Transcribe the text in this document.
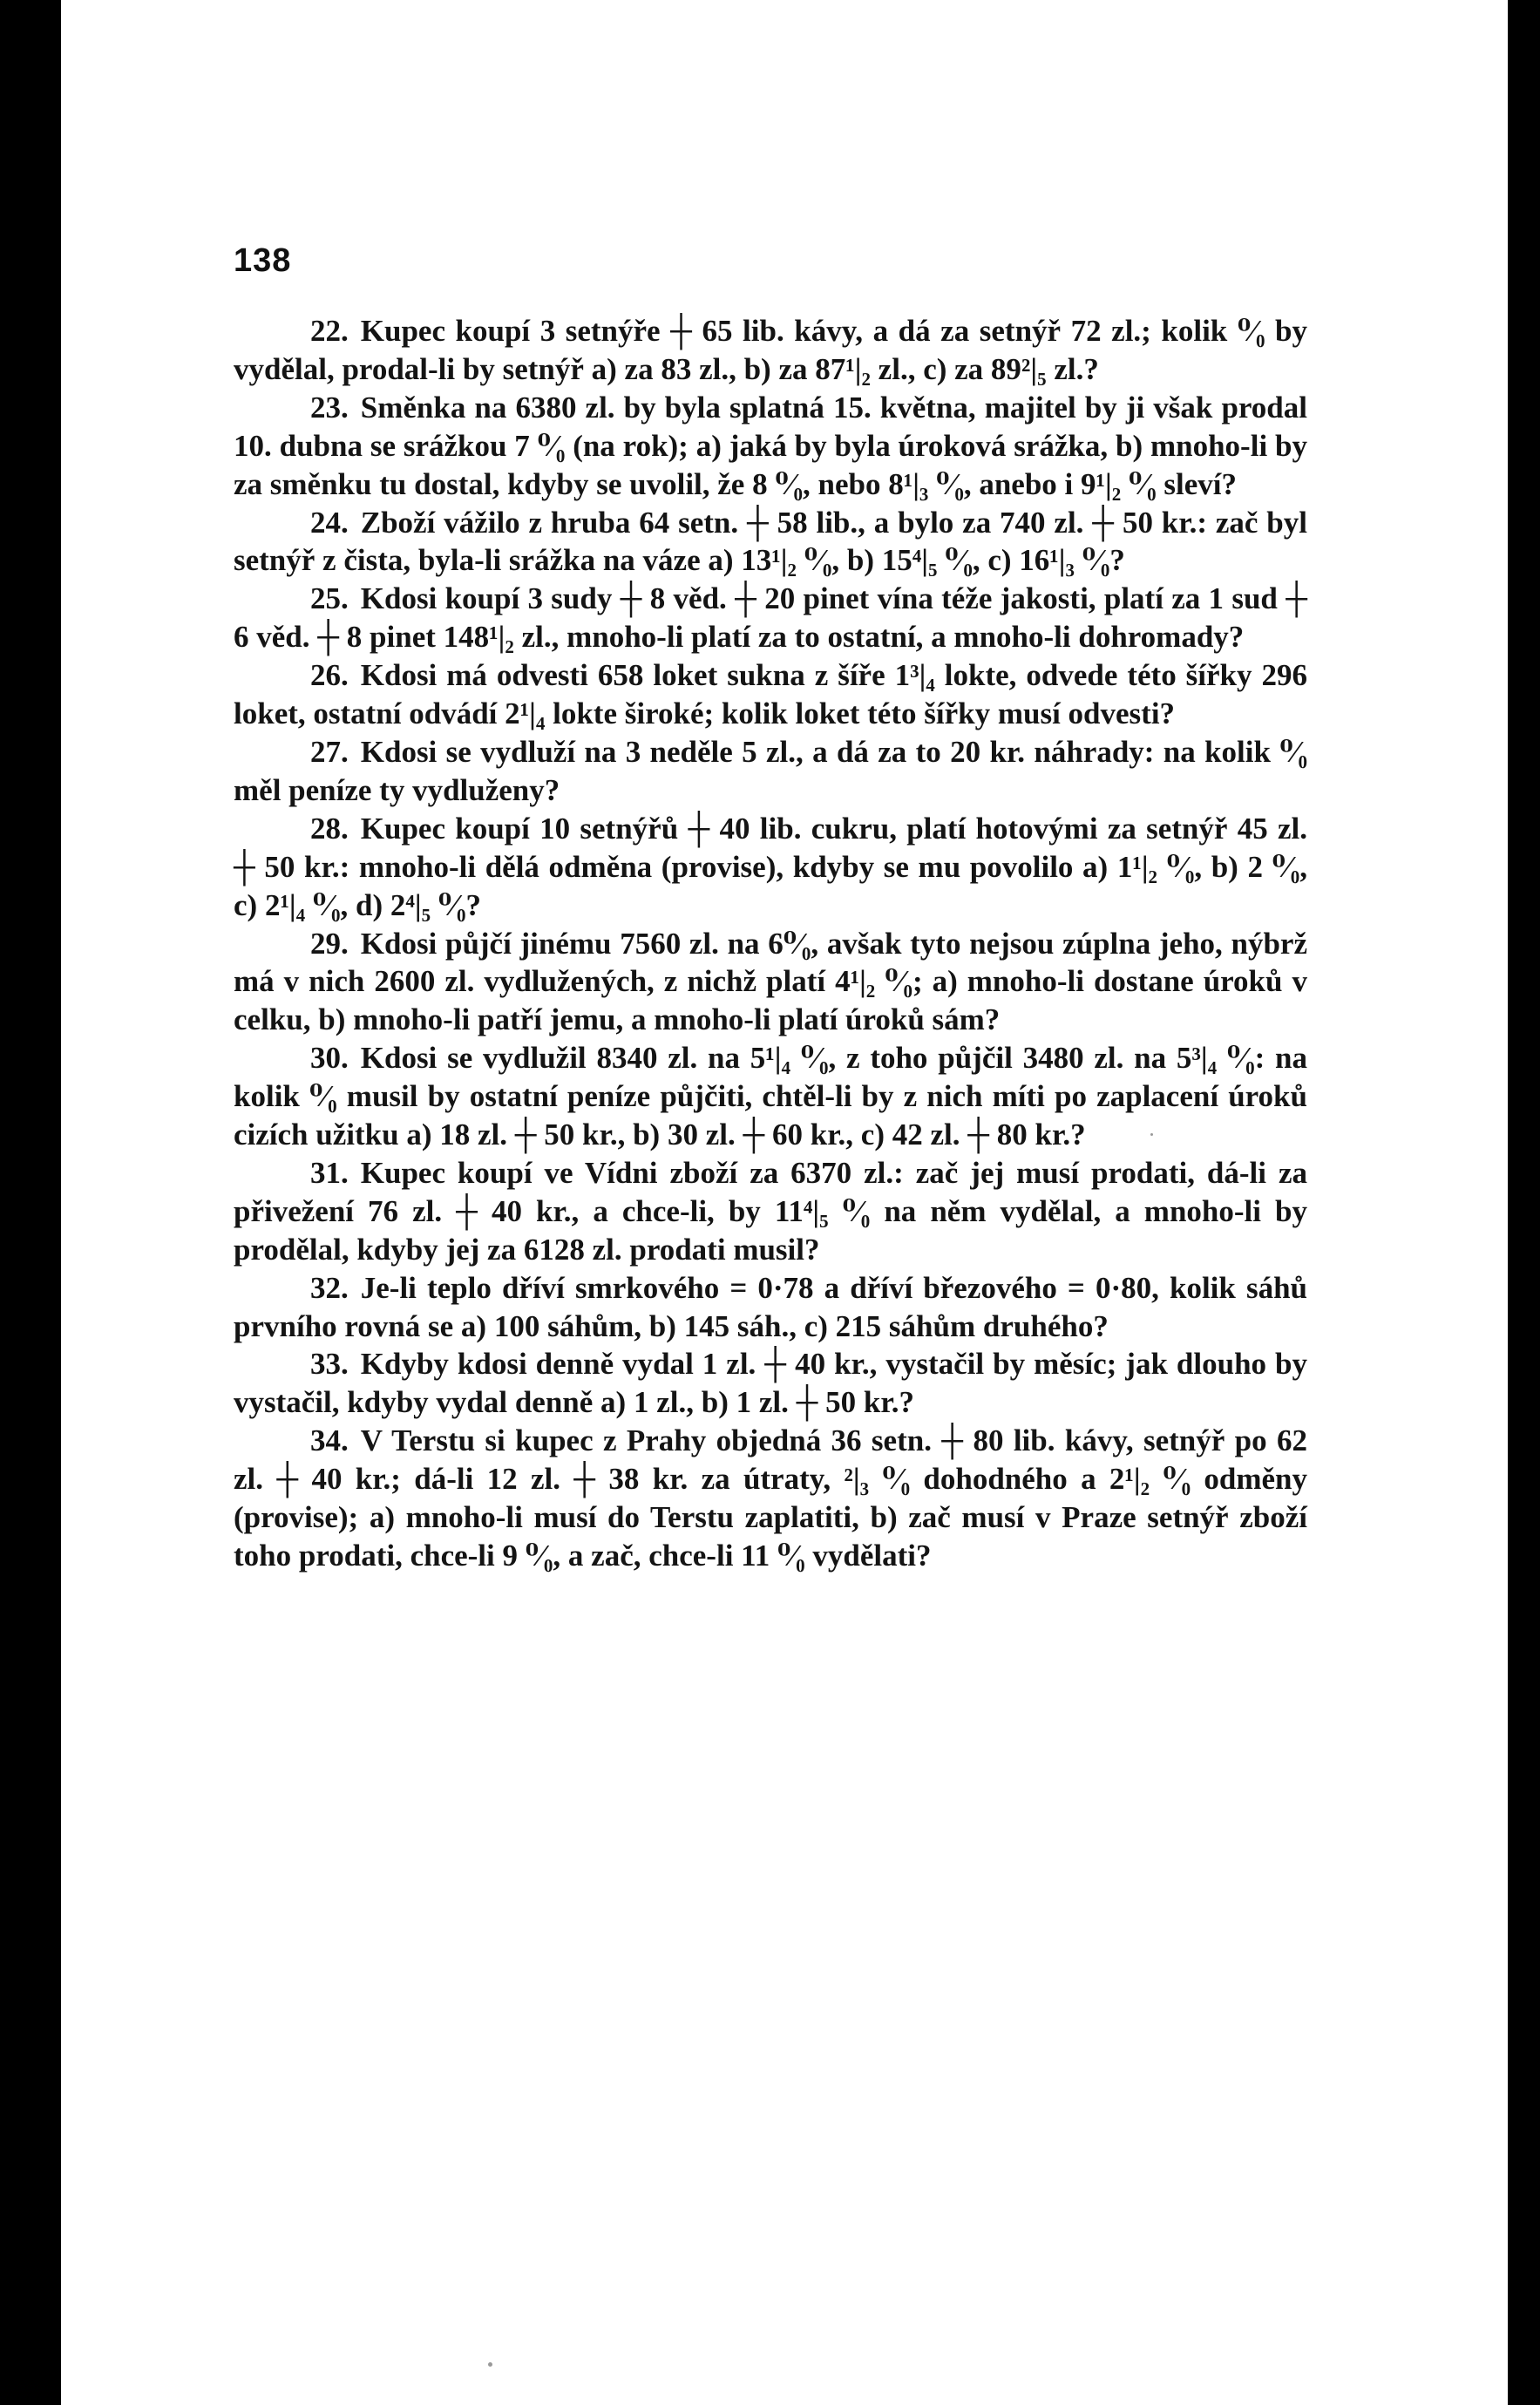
138

22. Kupec koupí 3 setnýře ┼ 65 lib. kávy, a dá za setnýř 72 zl.; kolik ⁰⁄₀ by vydělal, prodal-li by setnýř a) za 83 zl., b) za 87¹|₂ zl., c) za 89²|₅ zl.?

23. Směnka na 6380 zl. by byla splatná 15. května, majitel by ji však prodal 10. dubna se srážkou 7 ⁰⁄₀ (na rok); a) jaká by byla úroková srážka, b) mnoho-li by za směnku tu dostal, kdyby se uvolil, že 8 ⁰⁄₀, nebo 8¹|₃ ⁰⁄₀, anebo i 9¹|₂ ⁰⁄₀ sleví?

24. Zboží vážilo z hruba 64 setn. ┼ 58 lib., a bylo za 740 zl. ┼ 50 kr.: zač byl setnýř z čista, byla-li srážka na váze a) 13¹|₂ ⁰⁄₀, b) 15⁴|₅ ⁰⁄₀, c) 16¹|₃ ⁰⁄₀?

25. Kdosi koupí 3 sudy ┼ 8 věd. ┼ 20 pinet vína téže jakosti, platí za 1 sud ┼ 6 věd. ┼ 8 pinet 148¹|₂ zl., mnoho-li platí za to ostatní, a mnoho-li dohromady?

26. Kdosi má odvesti 658 loket sukna z šíře 1³|₄ lokte, odvede této šířky 296 loket, ostatní odvádí 2¹|₄ lokte široké; kolik loket této šířky musí odvesti?

27. Kdosi se vydluží na 3 neděle 5 zl., a dá za to 20 kr. náhrady: na kolik ⁰⁄₀ měl peníze ty vydluženy?

28. Kupec koupí 10 setnýřů ┼ 40 lib. cukru, platí hotovými za setnýř 45 zl. ┼ 50 kr.: mnoho-li dělá odměna (provise), kdyby se mu povolilo a) 1¹|₂ ⁰⁄₀, b) 2 ⁰⁄₀, c) 2¹|₄ ⁰⁄₀, d) 2⁴|₅ ⁰⁄₀?

29. Kdosi půjčí jinému 7560 zl. na 6⁰⁄₀, avšak tyto nejsou zúplna jeho, nýbrž má v nich 2600 zl. vydlužených, z nichž platí 4¹|₂ ⁰⁄₀; a) mnoho-li dostane úroků v celku, b) mnoho-li patří jemu, a mnoho-li platí úroků sám?

30. Kdosi se vydlužil 8340 zl. na 5¹|₄ ⁰⁄₀, z toho půjčil 3480 zl. na 5³|₄ ⁰⁄₀: na kolik ⁰⁄₀ musil by ostatní peníze půjčiti, chtěl-li by z nich míti po zaplacení úroků cizích užitku a) 18 zl. ┼ 50 kr., b) 30 zl. ┼ 60 kr., c) 42 zl. ┼ 80 kr.?

31. Kupec koupí ve Vídni zboží za 6370 zl.: zač jej musí prodati, dá-li za přivežení 76 zl. ┼ 40 kr., a chce-li, by 11⁴|₅ ⁰⁄₀ na něm vydělal, a mnoho-li by prodělal, kdyby jej za 6128 zl. prodati musil?

32. Je-li teplo dříví smrkového = 0·78 a dříví březového = 0·80, kolik sáhů prvního rovná se a) 100 sáhům, b) 145 sáh., c) 215 sáhům druhého?

33. Kdyby kdosi denně vydal 1 zl. ┼ 40 kr., vystačil by měsíc; jak dlouho by vystačil, kdyby vydal denně a) 1 zl., b) 1 zl. ┼ 50 kr.?

34. V Terstu si kupec z Prahy objedná 36 setn. ┼ 80 lib. kávy, setnýř po 62 zl. ┼ 40 kr.; dá-li 12 zl. ┼ 38 kr. za útraty, ²|₃ ⁰⁄₀ dohodného a 2¹|₂ ⁰⁄₀ odměny (provise); a) mnoho-li musí do Terstu zaplatiti, b) zač musí v Praze setnýř zboží toho prodati, chce-li 9 ⁰⁄₀, a zač, chce-li 11 ⁰⁄₀ vydělati?
